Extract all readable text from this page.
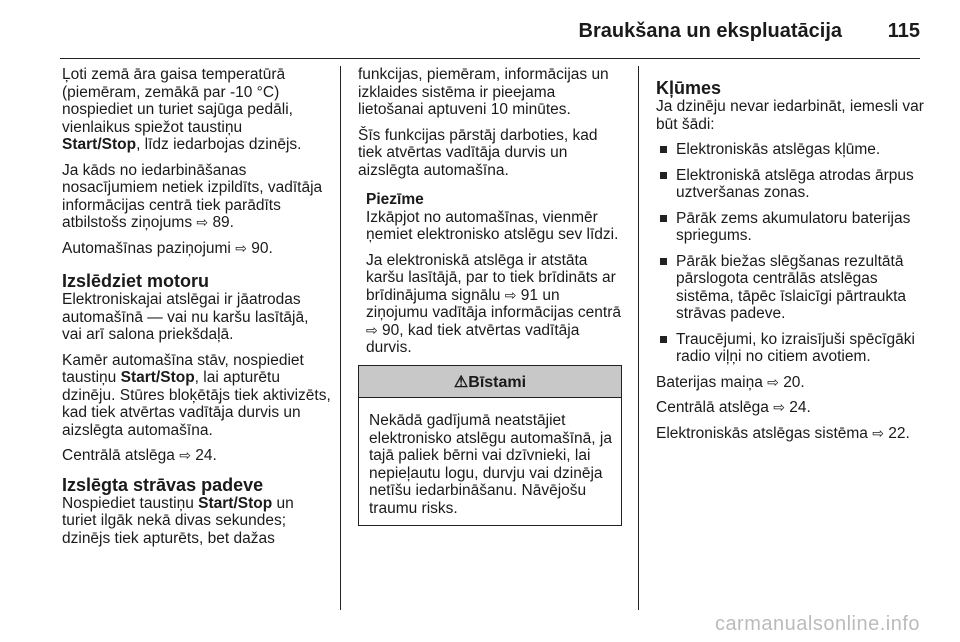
Braukšana un ekspluatācija 115

Ļoti zemā āra gaisa temperatūrā (piemēram, zemākā par -10 °C) nospiediet un turiet sajūga pedāli, vienlaikus spiežot taustiņu
Start/Stop, līdz iedarbojas dzinējs.

Ja kāds no iedarbināšanas nosacījumiem netiek izpildīts, vadītāja informācijas centrā tiek parādīts atbilstošs ziņojums ⇨ 89.

Automašīnas paziņojumi ⇨ 90.

Izslēdziet motoru

Elektroniskajai atslēgai ir jāatrodas automašīnā — vai nu karšu lasītājā, vai arī salona priekšdaļā.

Kamēr automašīna stāv, nospiediet taustiņu Start/Stop, lai apturētu dzinēju. Stūres bloķētājs tiek aktivizēts, kad tiek atvērtas vadītāja durvis un aizslēgta automašīna.

Centrālā atslēga ⇨ 24.

Izslēgta strāvas padeve

Nospiediet taustiņu Start/Stop un turiet ilgāk nekā divas sekundes; dzinējs tiek apturēts, bet dažas

funkcijas, piemēram, informācijas un izklaides sistēma ir pieejama lietošanai aptuveni 10 minūtes.

Šīs funkcijas pārstāj darboties, kad tiek atvērtas vadītāja durvis un aizslēgta automašīna.

Piezīme

Izkāpjot no automašīnas, vienmēr ņemiet elektronisko atslēgu sev līdzi.

Ja elektroniskā atslēga ir atstāta karšu lasītājā, par to tiek brīdināts ar brīdinājuma signālu ⇨ 91 un ziņojumu vadītāja informācijas centrā ⇨ 90, kad tiek atvērtas vadītāja durvis.

⚠Bīstami
Nekādā gadījumā neatstājiet elektronisko atslēgu automašīnā, ja tajā paliek bērni vai dzīvnieki, lai nepieļautu logu, durvju vai dzinēja netīšu iedarbināšanu. Nāvējošu traumu risks.
Kļūmes

Ja dzinēju nevar iedarbināt, iemesli var būt šādi:

Elektroniskās atslēgas kļūme.
Elektroniskā atslēga atrodas ārpus uztveršanas zonas.
Pārāk zems akumulatoru baterijas spriegums.
Pārāk biežas slēgšanas rezultātā pārslogota centrālās atslēgas sistēma, tāpēc īslaicīgi pārtraukta strāvas padeve.
Traucējumi, ko izraisījuši spēcīgāki radio viļņi no citiem avotiem.

Baterijas maiņa ⇨ 20.

Centrālā atslēga ⇨ 24.

Elektroniskās atslēgas sistēma ⇨ 22.

carmanualsonline.info
